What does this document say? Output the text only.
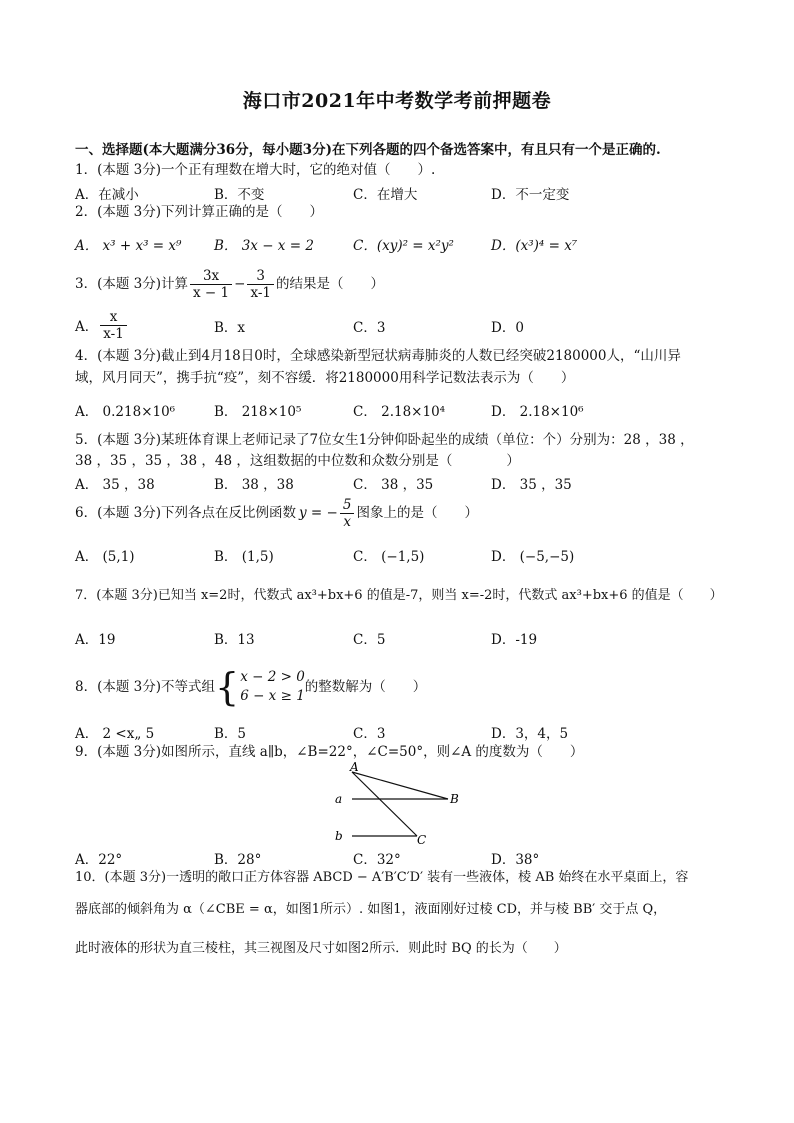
海口市2021年中考数学考前押题卷
一、选择题(本大题满分36分，每小题3分)在下列各题的四个备选答案中，有且只有一个是正确的.
1．(本题 3分)一个正有理数在增大时，它的绝对值（　　）.
A．在减小	B．不变	C．在增大	D．不一定变
2．(本题 3分)下列计算正确的是（　　）
A． x³ + x³ = x⁹ B． 3x − x = 2	C．(xy)² = x²y²	D．(x³)⁴ = x⁷
3．(本题 3分)计算 $\frac{3x}{x - 1} - \frac{3}{x-1}$ 的结果是（　　）
A． $\frac{x}{x-1}$	B．x	C．3	D．0
4．(本题 3分)截止到4月18日0时，全球感染新型冠状病毒肺炎的人数已经突破2180000人，“山川异
域，风月同天”，携手抗“疫”，刻不容缓．将2180000用科学记数法表示为（　　）
A． 0.218×10⁶	B． 218×10⁵	C． 2.18×10⁴	D． 2.18×10⁶
5．(本题 3分)某班体育课上老师记录了7位女生1分钟仰卧起坐的成绩（单位：个）分别为：28 ，38 ，
38 ，35 ，35 ，38 ，48 ，这组数据的中位数和众数分别是（　　　　）
A． 35 ，38	B． 38 ，38	C． 38 ，35	D． 35 ，35
6．(本题 3分)下列各点在反比例函数 y = − $\frac{5}{x}$ 图象上的是（　　）
A． (5,1)	B． (1,5)	C． (−1,5)	D． (−5,−5)
7．(本题 3分)已知当 x=2时，代数式 ax³+bx+6 的值是-7，则当 x=-2时，代数式 ax³+bx+6 的值是（　　）
A．19	B．13	C．5	D．-19
8．(本题 3分)不等式组 { x − 2 > 0
6 − x ≥ 1
的整数解为（　　）
A． 2 <x„ 5	B．5	C．3	D．3，4，5
9．(本题 3分)如图所示，直线 a∥b，∠B=22°，∠C=50°，则∠A 的度数为（　　）
A
B
C
a
b
A．22°	B．28°	C．32°	D．38°
10．(本题 3分)一透明的敞口正方体容器 ABCD − A′B′C′D′ 装有一些液体，棱 AB 始终在水平桌面上，容
器底部的倾斜角为 α（∠CBE = α，如图1所示）. 如图1，液面刚好过棱 CD，并与棱 BB′ 交于点 Q，
此时液体的形状为直三棱柱，其三视图及尺寸如图2所示．则此时 BQ 的长为（　　）
